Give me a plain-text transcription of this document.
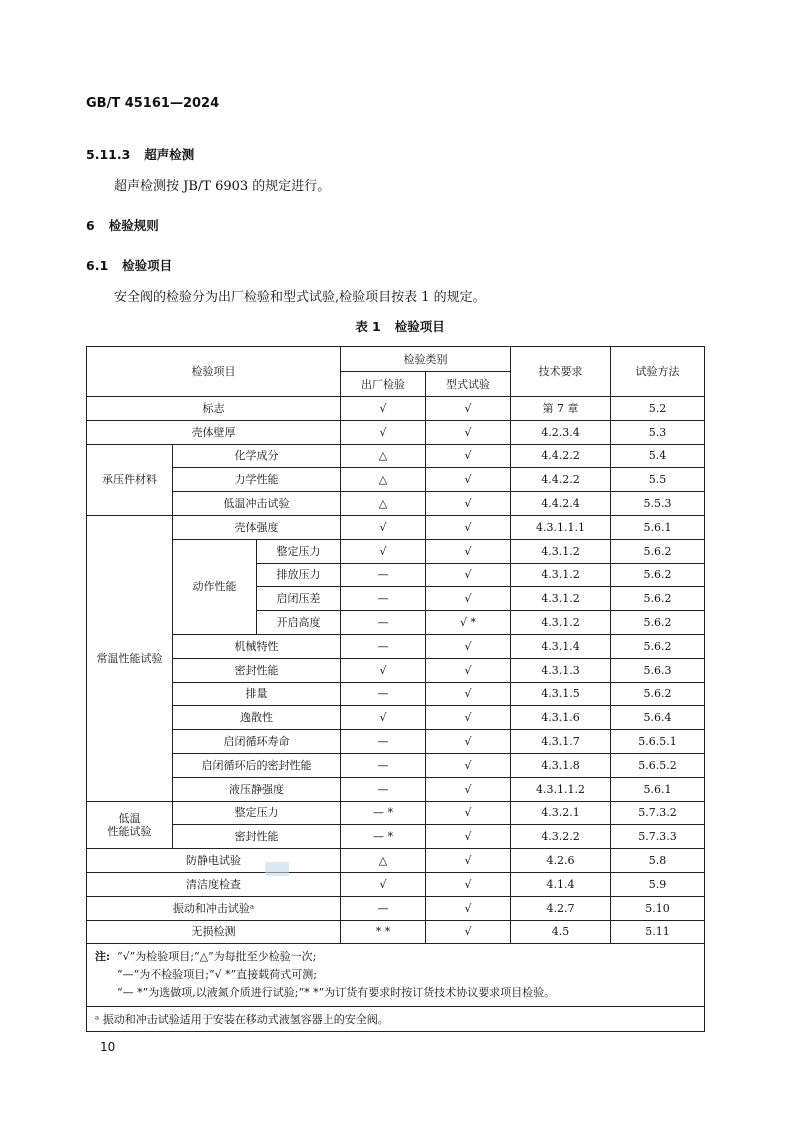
GB/T 45161—2024
5.11.3 超声检测
超声检测按 JB/T 6903 的规定进行。
6 检验规则
6.1 检验项目
安全阀的检验分为出厂检验和型式试验,检验项目按表 1 的规定。
表 1 检验项目
检验项目			检验类别		技术要求	试验方法
			出厂检验	型式试验		
标志			√	√	第 7 章	5.2
壳体壁厚			√	√	4.2.3.4	5.3
承压件材料	化学成分		△	√	4.4.2.2	5.4
	力学性能		△	√	4.4.2.2	5.5
	低温冲击试验		△	√	4.4.2.4	5.5.3
常温性能试验	壳体强度		√	√	4.3.1.1.1	5.6.1
	动作性能	整定压力	√	√	4.3.1.2	5.6.2
		排放压力	—	√	4.3.1.2	5.6.2
		启闭压差	—	√	4.3.1.2	5.6.2
		开启高度	—	√ *	4.3.1.2	5.6.2
	机械特性		—	√	4.3.1.4	5.6.2
	密封性能		√	√	4.3.1.3	5.6.3
	排量		—	√	4.3.1.5	5.6.2
	逸散性		√	√	4.3.1.6	5.6.4
	启闭循环寿命		—	√	4.3.1.7	5.6.5.1
	启闭循环后的密封性能		—	√	4.3.1.8	5.6.5.2
	液压静强度		—	√	4.3.1.1.2	5.6.1
低温
性能试验	整定压力		— *	√	4.3.2.1	5.7.3.2
	密封性能		— *	√	4.3.2.2	5.7.3.3
防静电试验			△	√	4.2.6	5.8
清洁度检查			√	√	4.1.4	5.9
振动和冲击试验ᵃ			—	√	4.2.7	5.10
无损检测			* *	√	4.5	5.11

注: “√”为检验项目;“△”为每批至少检验一次;
“—”为不检验项目;“√ *”直接载荷式可测;
“— *”为选做项,以液氮介质进行试验;“* *”为订货有要求时按订货技术协议要求项目检验。						

ᵃ 振动和冲击试验适用于安装在移动式液氢容器上的安全阀。						
10
